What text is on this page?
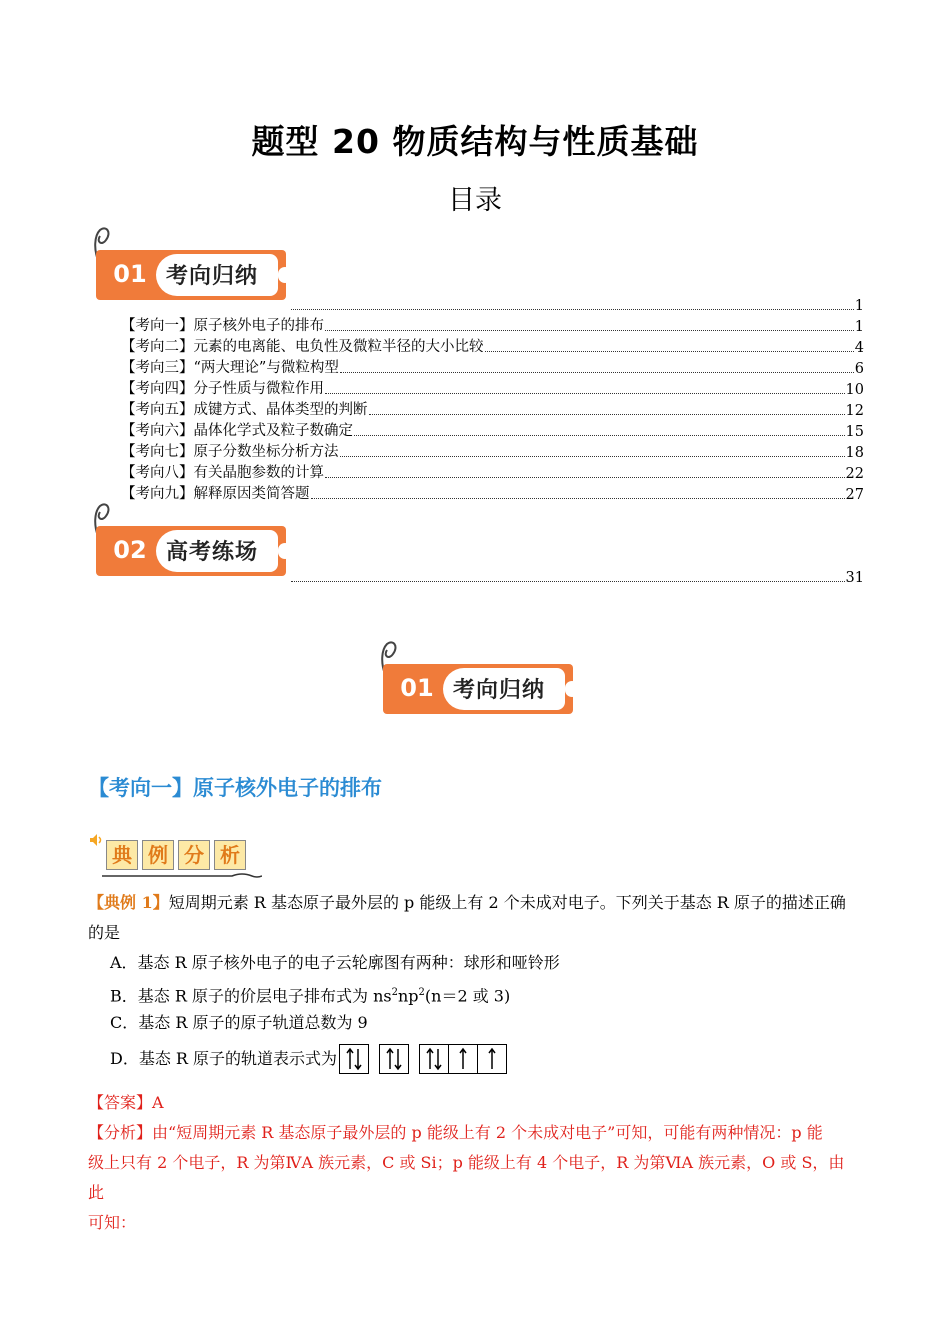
题型 20 物质结构与性质基础
目录
01 考向归纳
1
【考向一】原子核外电子的排布	1
【考向二】元素的电离能、电负性及微粒半径的大小比较	4
【考向三】“两大理论”与微粒构型	6
【考向四】分子性质与微粒作用	10
【考向五】成键方式、晶体类型的判断	12
【考向六】晶体化学式及粒子数确定	15
【考向七】原子分数坐标分析方法	18
【考向八】有关晶胞参数的计算	22
【考向九】解释原因类简答题	27
02 高考练场
31
01 考向归纳
【考向一】原子核外电子的排布
典 例 分 析
【典例 1】短周期元素 R 基态原子最外层的 p 能级上有 2 个未成对电子。下列关于基态 R 原子的描述正确
的是
A．基态 R 原子核外电子的电子云轮廓图有两种：球形和哑铃形
B．基态 R 原子的价层电子排布式为 $ns^2np^2(n=2$ 或 3)
C．基态 R 原子的原子轨道总数为 9
D．基态 R 原子的轨道表示式为
【答案】A
【分析】由“短周期元素 R 基态原子最外层的 p 能级上有 2 个未成对电子”可知，可能有两种情况：p 能
级上只有 2 个电子，R 为第ⅣA 族元素，C 或 Si；p 能级上有 4 个电子，R 为第ⅥA 族元素，O 或 S，由此
可知：
